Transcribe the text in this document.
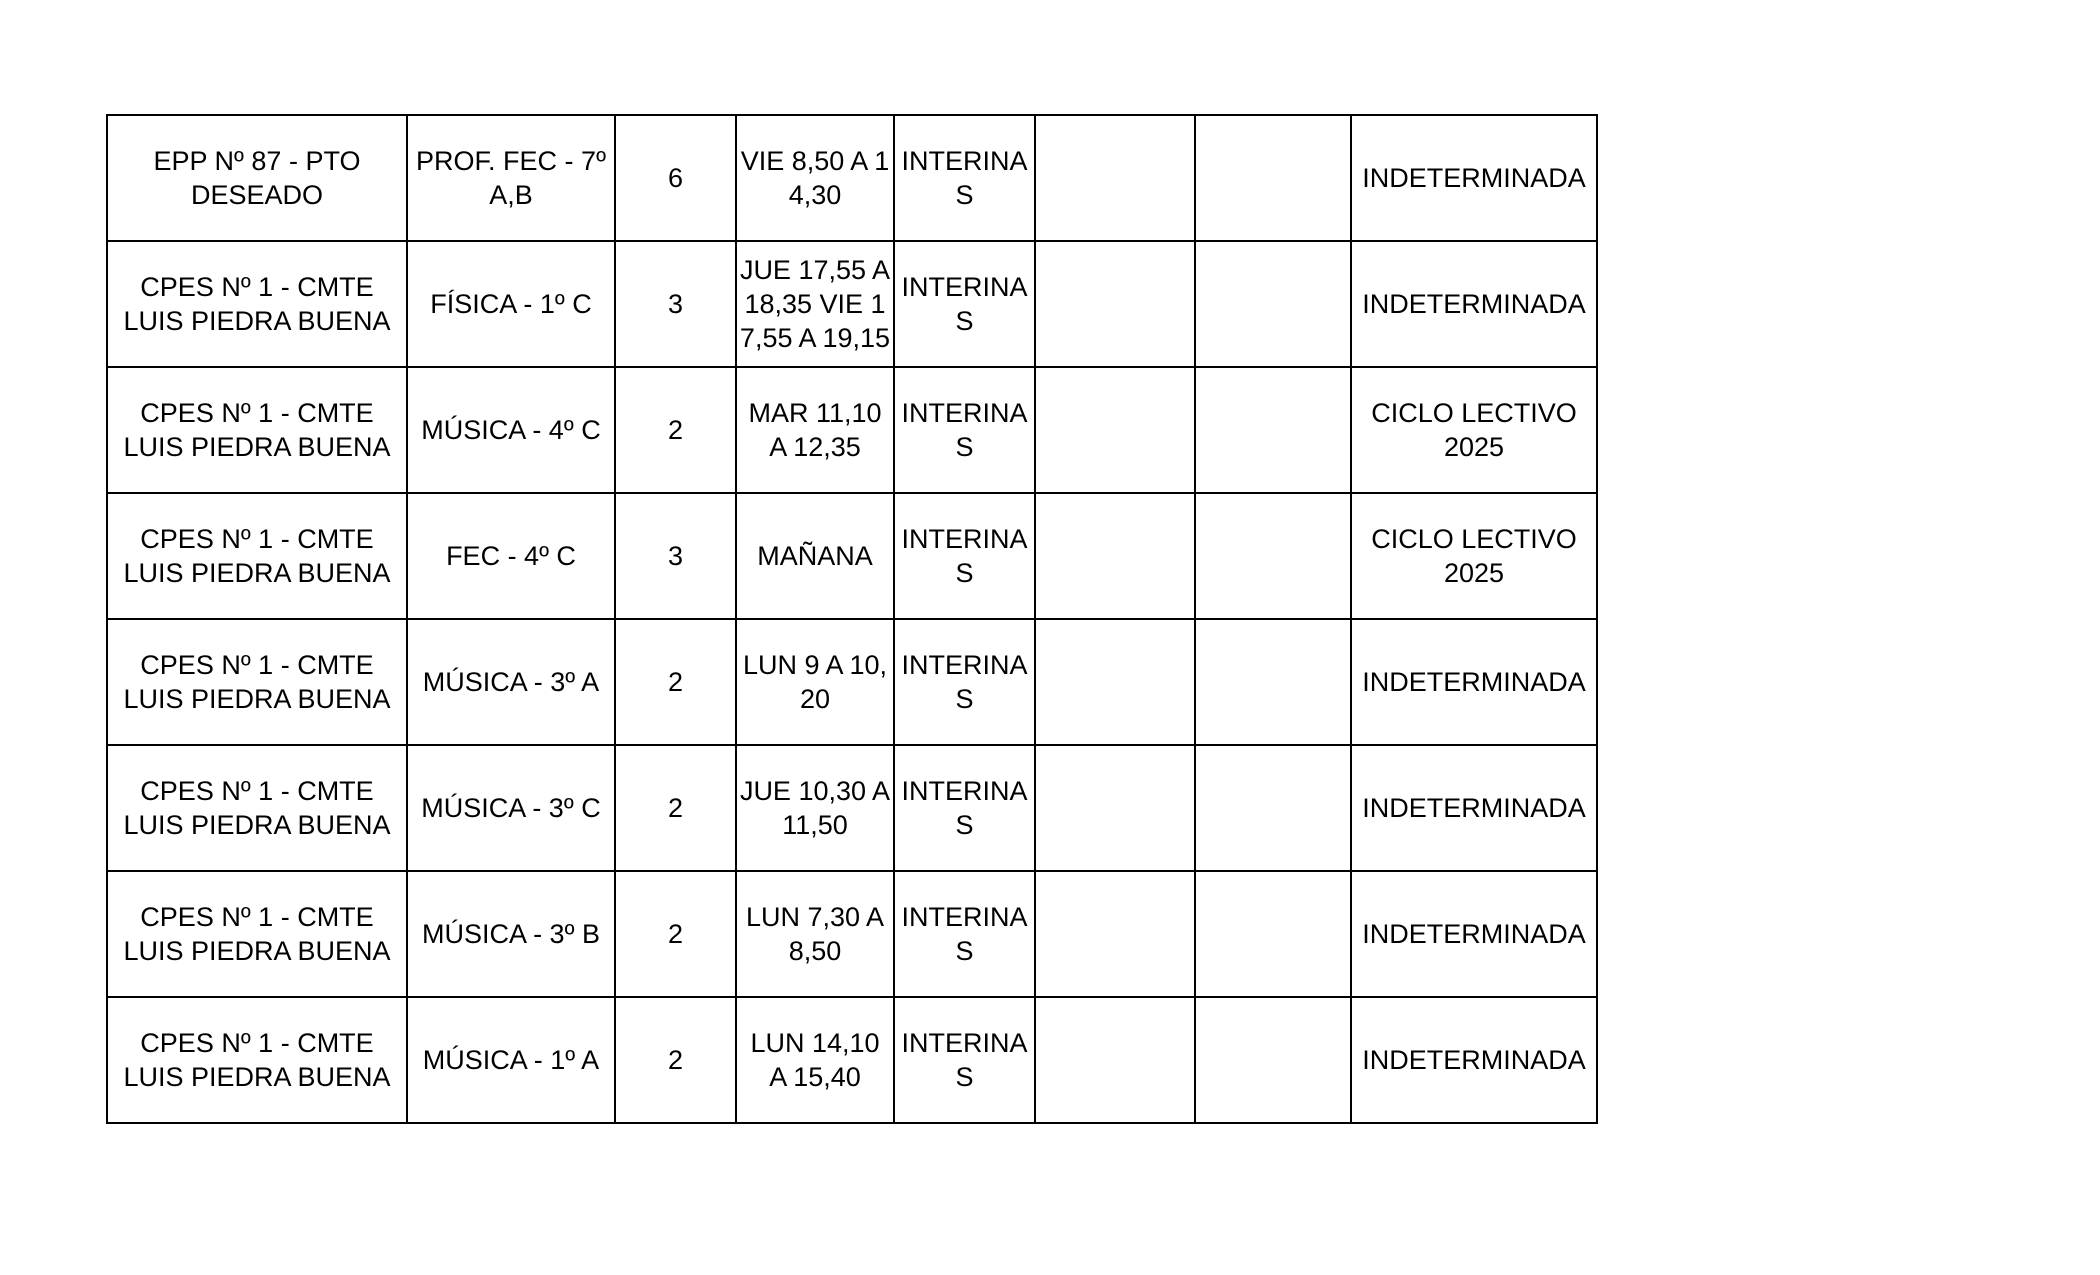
EPP Nº 87 - PTO DESEADO	PROF. FEC - 7º A,B	6	VIE 8,50 A 14,30	INTERINAS			INDETERMINADA
CPES Nº 1 - CMTE LUIS PIEDRA BUENA	FÍSICA - 1º C	3	JUE 17,55 A 18,35 VIE 17,55 A 19,15	INTERINAS			INDETERMINADA
CPES Nº 1 - CMTE LUIS PIEDRA BUENA	MÚSICA - 4º C	2	MAR 11,10 A 12,35	INTERINAS			CICLO LECTIVO 2025
CPES Nº 1 - CMTE LUIS PIEDRA BUENA	FEC - 4º C	3	MAÑANA	INTERINAS			CICLO LECTIVO 2025
CPES Nº 1 - CMTE LUIS PIEDRA BUENA	MÚSICA - 3º A	2	LUN 9 A 10,20	INTERINAS			INDETERMINADA
CPES Nº 1 - CMTE LUIS PIEDRA BUENA	MÚSICA - 3º C	2	JUE 10,30 A 11,50	INTERINAS			INDETERMINADA
CPES Nº 1 - CMTE LUIS PIEDRA BUENA	MÚSICA - 3º B	2	LUN 7,30 A 8,50	INTERINAS			INDETERMINADA
CPES Nº 1 - CMTE LUIS PIEDRA BUENA	MÚSICA - 1º A	2	LUN 14,10 A 15,40	INTERINAS			INDETERMINADA
